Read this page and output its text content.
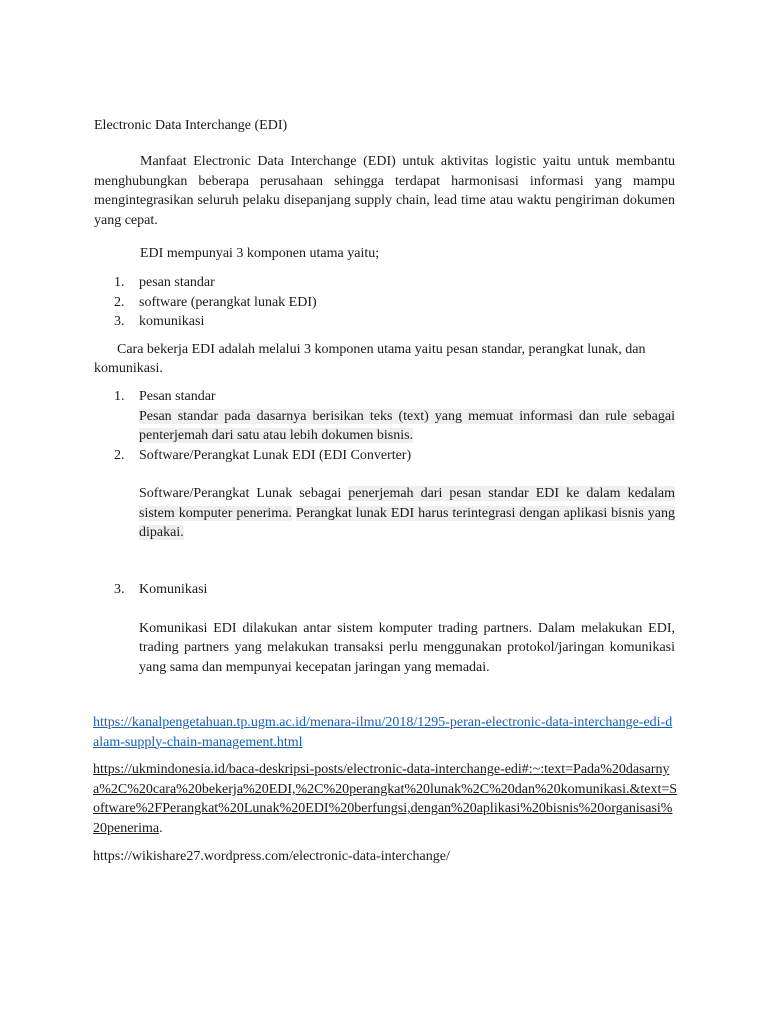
Electronic Data Interchange (EDI)

Manfaat Electronic Data Interchange (EDI) untuk aktivitas logistic yaitu untuk membantu menghubungkan beberapa perusahaan sehingga terdapat harmonisasi informasi yang mampu mengintegrasikan seluruh pelaku disepanjang supply chain, lead time atau waktu pengiriman dokumen yang cepat.

EDI mempunyai 3 komponen utama yaitu;

1. pesan standar
2. software (perangkat lunak EDI)
3. komunikasi

Cara bekerja EDI adalah melalui 3 komponen utama yaitu pesan standar, perangkat lunak, dan komunikasi.

1. Pesan standar
Pesan standar pada dasarnya berisikan teks (text) yang memuat informasi dan rule sebagai penterjemah dari satu atau lebih dokumen bisnis.
2. Software/Perangkat Lunak EDI (EDI Converter)
Software/Perangkat Lunak sebagai penerjemah dari pesan standar EDI ke dalam kedalam sistem komputer penerima. Perangkat lunak EDI harus terintegrasi dengan aplikasi bisnis yang dipakai.
3. Komunikasi
Komunikasi EDI dilakukan antar sistem komputer trading partners. Dalam melakukan EDI, trading partners yang melakukan transaksi perlu menggunakan protokol/jaringan komunikasi yang sama dan mempunyai kecepatan jaringan yang memadai.

https://kanalpengetahuan.tp.ugm.ac.id/menara-ilmu/2018/1295-peran-electronic-data-interchange-edi-dalam-supply-chain-management.html

https://ukmindonesia.id/baca-deskripsi-posts/electronic-data-interchange-edi#:~:text=Pada%20dasarnya%2C%20cara%20bekerja%20EDI,%2C%20perangkat%20lunak%2C%20dan%20komunikasi.&text=Software%2FPerangkat%20Lunak%20EDI%20berfungsi,dengan%20aplikasi%20bisnis%20organisasi%20penerima.

https://wikishare27.wordpress.com/electronic-data-interchange/
